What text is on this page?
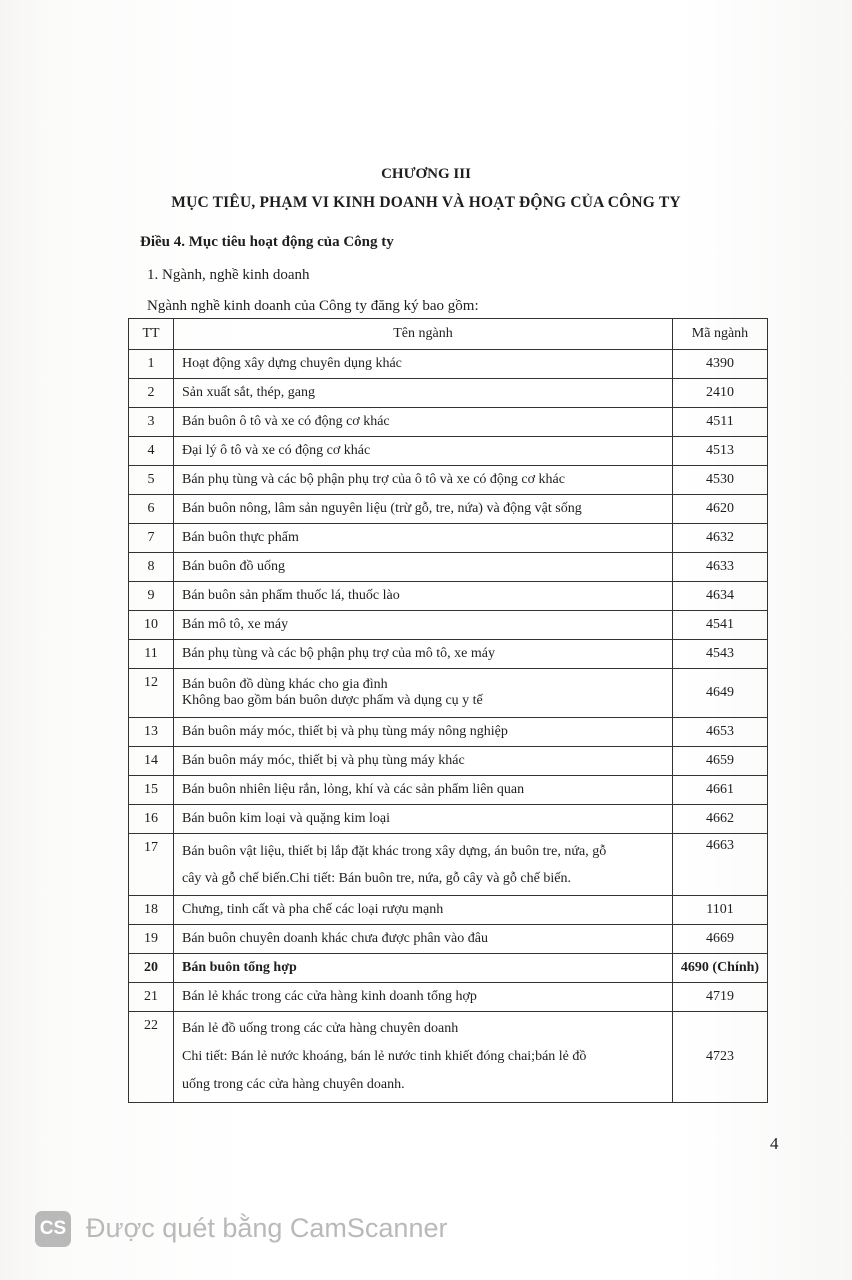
CHƯƠNG III
MỤC TIÊU, PHẠM VI KINH DOANH VÀ HOẠT ĐỘNG CỦA CÔNG TY
Điều 4. Mục tiêu hoạt động của Công ty
1. Ngành, nghề kinh doanh
Ngành nghề kinh doanh của Công ty đăng ký bao gồm:
TT	Tên ngành	Mã ngành
1	Hoạt động xây dựng chuyên dụng khác	4390
2	Sản xuất sắt, thép, gang	2410
3	Bán buôn ô tô và xe có động cơ khác	4511
4	Đại lý ô tô và xe có động cơ khác	4513
5	Bán phụ tùng và các bộ phận phụ trợ của ô tô và xe có động cơ khác	4530
6	Bán buôn nông, lâm sản nguyên liệu (trừ gỗ, tre, nứa) và động vật sống	4620
7	Bán buôn thực phẩm	4632
8	Bán buôn đồ uống	4633
9	Bán buôn sản phẩm thuốc lá, thuốc lào	4634
10	Bán mô tô, xe máy	4541
11	Bán phụ tùng và các bộ phận phụ trợ của mô tô, xe máy	4543
12	Bán buôn đồ dùng khác cho gia đình
Không bao gồm bán buôn dược phẩm và dụng cụ y tế	4649
13	Bán buôn máy móc, thiết bị và phụ tùng máy nông nghiệp	4653
14	Bán buôn máy móc, thiết bị và phụ tùng máy khác	4659
15	Bán buôn nhiên liệu rắn, lỏng, khí và các sản phẩm liên quan	4661
16	Bán buôn kim loại và quặng kim loại	4662
17	Bán buôn vật liệu, thiết bị lắp đặt khác trong xây dựng, án buôn tre, nứa, gỗ
cây và gỗ chế biến.Chi tiết: Bán buôn tre, nứa, gỗ cây và gỗ chế biến.	4663
18	Chưng, tinh cất và pha chế các loại rượu mạnh	1101
19	Bán buôn chuyên doanh khác chưa được phân vào đâu	4669
20	Bán buôn tổng hợp	4690 (Chính)
21	Bán lẻ khác trong các cửa hàng kinh doanh tổng hợp	4719
22	Bán lẻ đồ uống trong các cửa hàng chuyên doanh
Chi tiết: Bán lẻ nước khoáng, bán lẻ nước tinh khiết đóng chai;bán lẻ đồ
uống trong các cửa hàng chuyên doanh.	4723
4
CS Được quét bằng CamScanner
